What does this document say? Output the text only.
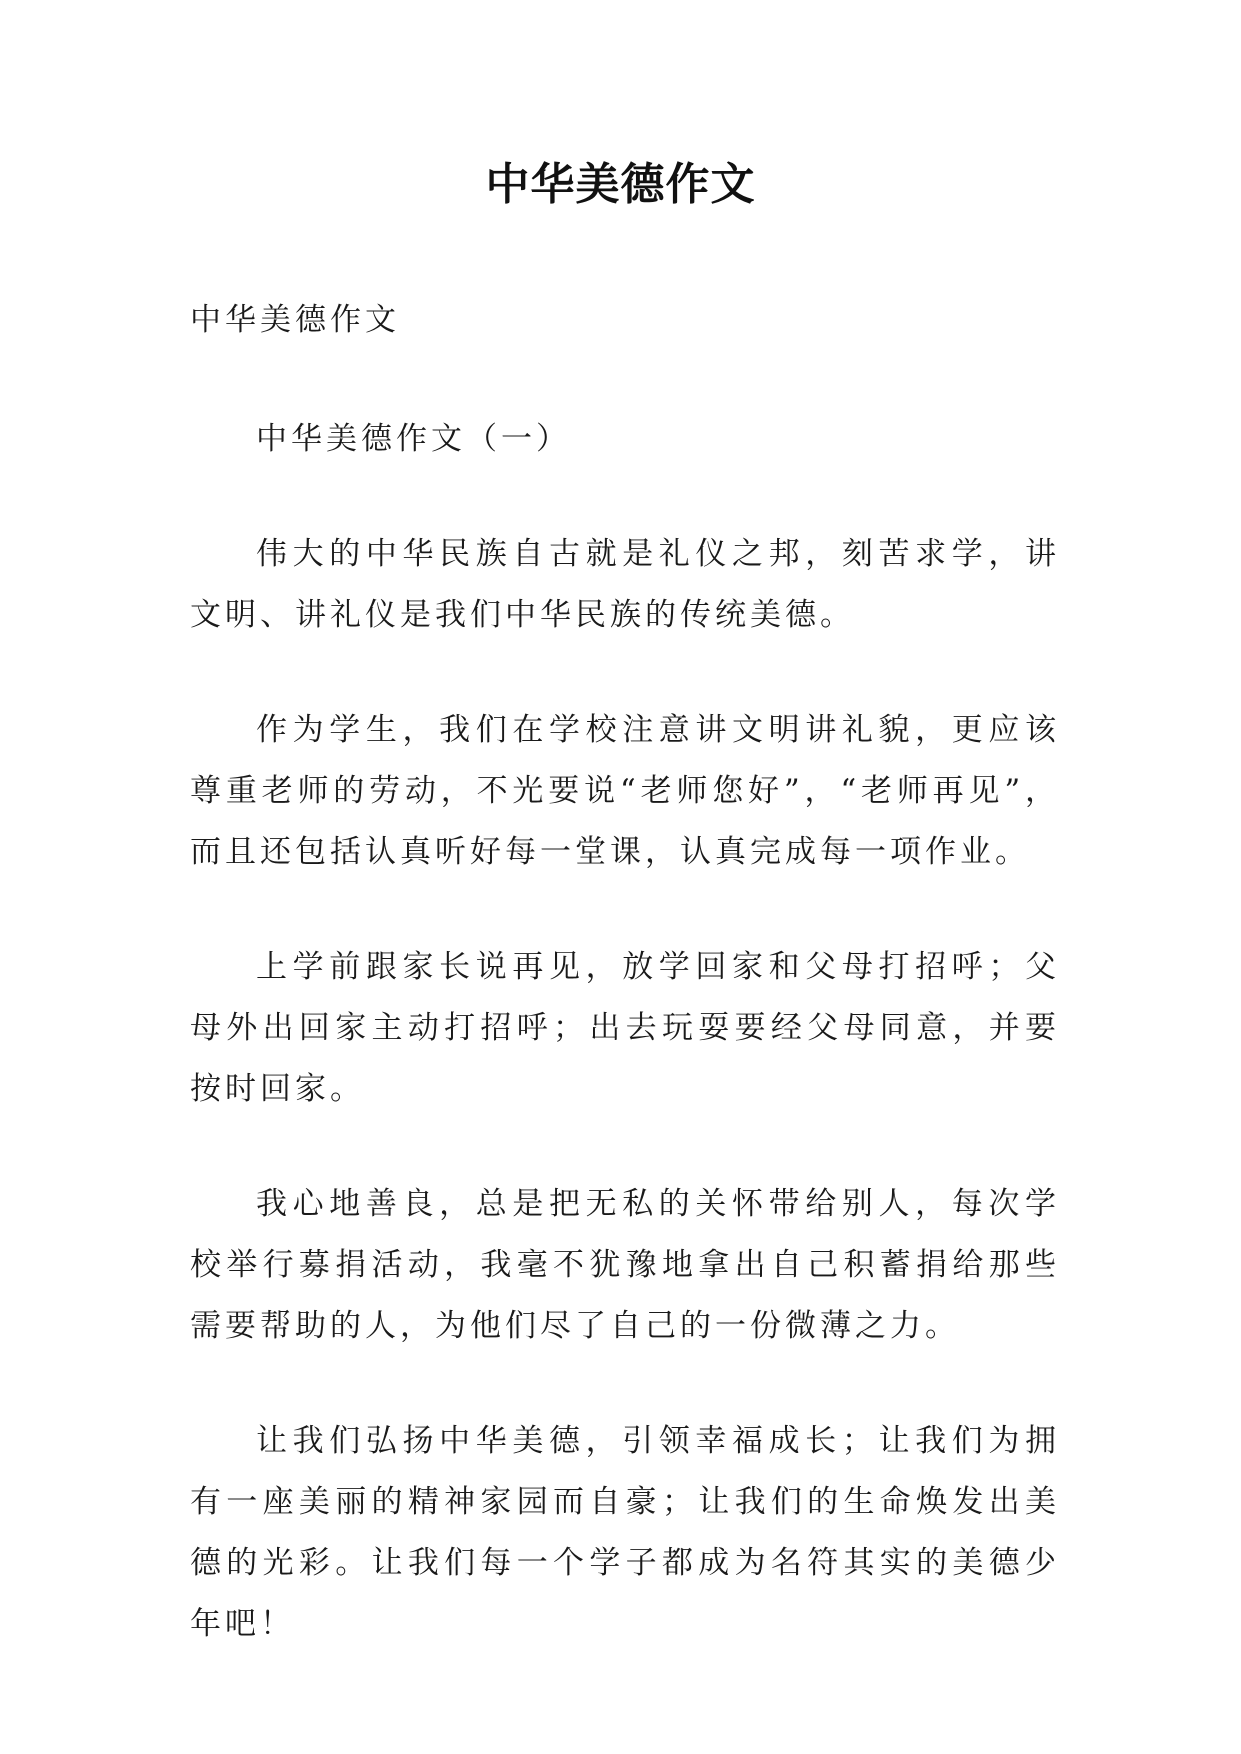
中华美德作文

中华美德作文

中华美德作文（一）

伟大的中华民族自古就是礼仪之邦，刻苦求学，讲文明、讲礼仪是我们中华民族的传统美德。

作为学生，我们在学校注意讲文明讲礼貌，更应该尊重老师的劳动，不光要说“老师您好”，“老师再见”，而且还包括认真听好每一堂课，认真完成每一项作业。

上学前跟家长说再见，放学回家和父母打招呼；父母外出回家主动打招呼；出去玩耍要经父母同意，并要按时回家。

我心地善良，总是把无私的关怀带给别人，每次学校举行募捐活动，我毫不犹豫地拿出自己积蓄捐给那些需要帮助的人，为他们尽了自己的一份微薄之力。

让我们弘扬中华美德，引领幸福成长；让我们为拥有一座美丽的精神家园而自豪；让我们的生命焕发出美德的光彩。让我们每一个学子都成为名符其实的美德少年吧！
